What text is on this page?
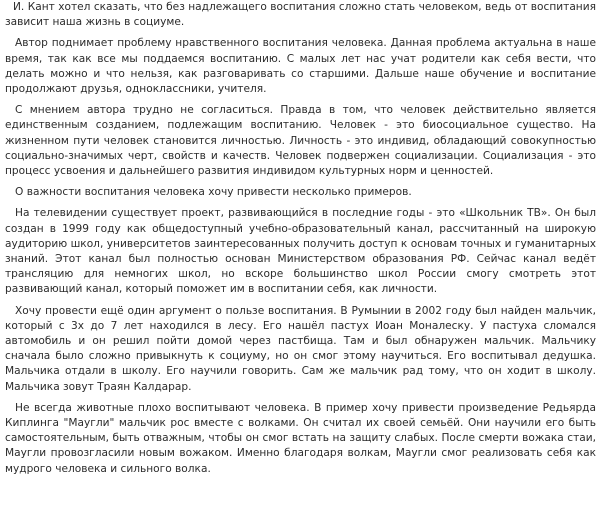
И. Кант хотел сказать, что без надлежащего воспитания сложно стать человеком, ведь от воспитания зависит наша жизнь в социуме.

Автор поднимает проблему нравственного воспитания человека. Данная проблема актуальна в наше время, так как все мы поддаемся воспитанию. С малых лет нас учат родители как себя вести, что делать можно и что нельзя, как разговаривать со старшими. Дальше наше обучение и воспитание продолжают друзья, одноклассники, учителя.

С мнением автора трудно не согласиться. Правда в том, что человек действительно является единственным созданием, подлежащим воспитанию. Человек - это биосоциальное существо. На жизненном пути человек становится личностью. Личность - это индивид, обладающий совокупностью социально-значимых черт, свойств и качеств. Человек подвержен социализации. Социализация - это процесс усвоения и дальнейшего развития индивидом культурных норм и ценностей.

О важности воспитания человека хочу привести несколько примеров.

На телевидении существует проект, развивающийся в последние годы - это «Школьник ТВ». Он был создан в 1999 году как общедоступный учебно-образовательный канал, рассчитанный на широкую аудиторию школ, университетов заинтересованных получить доступ к основам точных и гуманитарных знаний. Этот канал был полностью основан Министерством образования РФ. Сейчас канал ведёт трансляцию для немногих школ, но вскоре большинство школ России смогу смотреть этот развивающий канал, который поможет им в воспитании себя, как личности.

Хочу провести ещё один аргумент о пользе воспитания. В Румынии в 2002 году был найден мальчик, который с 3х до 7 лет находился в лесу. Его нашёл пастух Иоан Моналеску. У пастуха сломался автомобиль и он решил пойти домой через пастбища. Там и был обнаружен мальчик. Мальчику сначала было сложно привыкнуть к социуму, но он смог этому научиться. Его воспитывал дедушка. Мальчика отдали в школу. Его научили говорить. Сам же мальчик рад тому, что он ходит в школу. Мальчика зовут Траян Калдарар.

Не всегда животные плохо воспитывают человека. В пример хочу привести произведение Редьярда Киплинга "Маугли" мальчик рос вместе с волками. Он считал их своей семьёй. Они научили его быть самостоятельным, быть отважным, чтобы он смог встать на защиту слабых. После смерти вожака стаи, Маугли провозгласили новым вожаком. Именно благодаря волкам, Маугли смог реализовать себя как мудрого человека и сильного волка.
